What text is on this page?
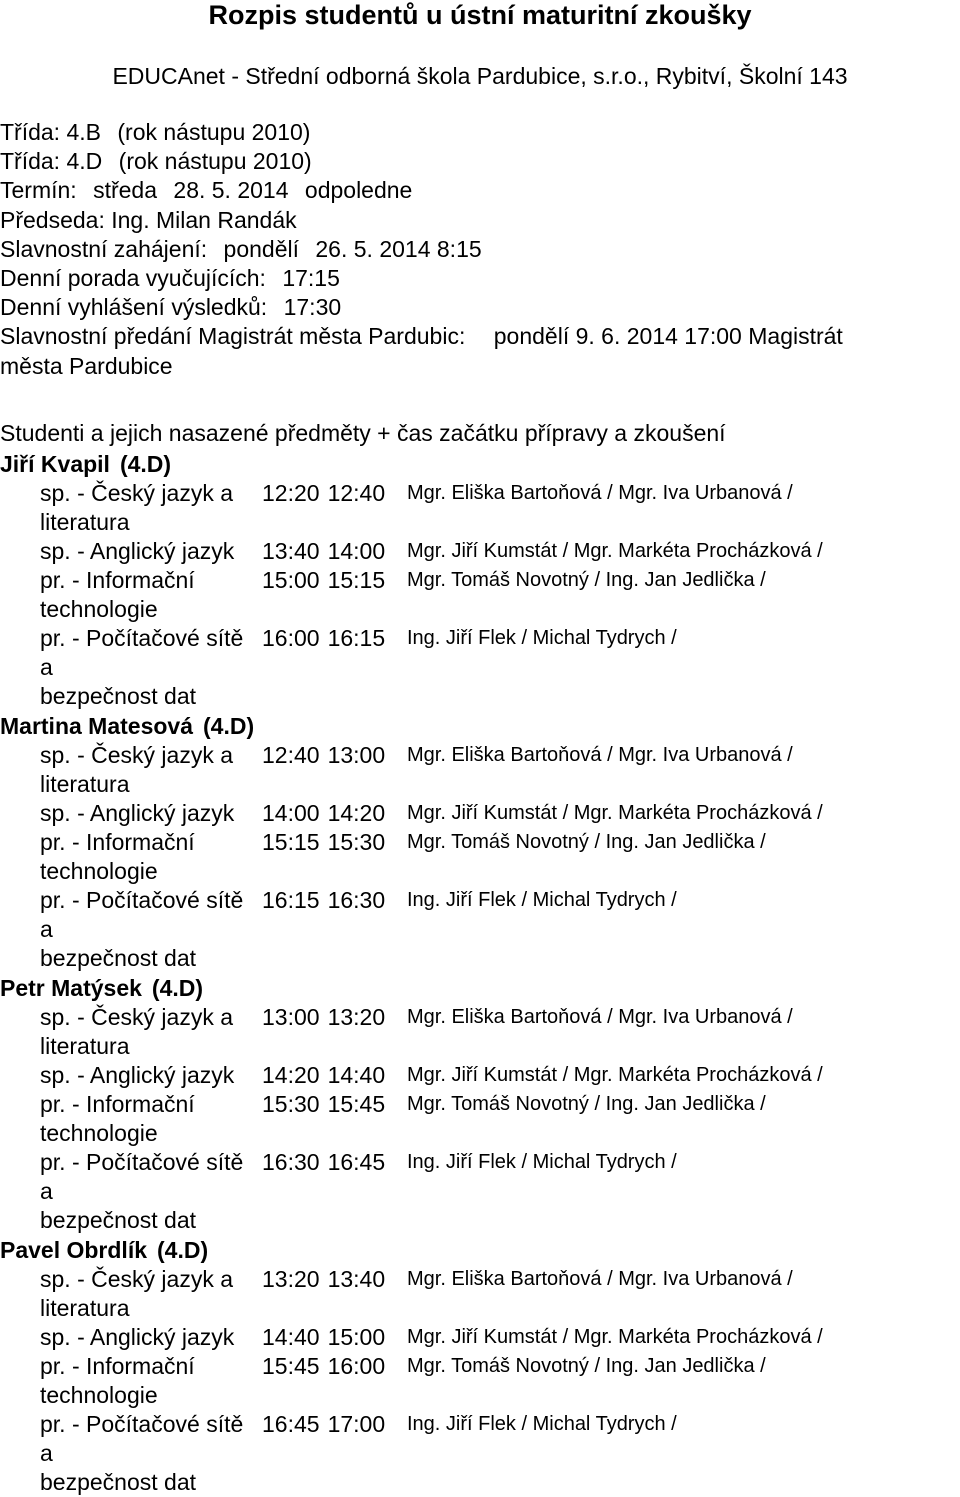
Rozpis studentů u ústní maturitní zkoušky
EDUCAnet - Střední odborná škola Pardubice, s.r.o., Rybitví, Školní 143
Třída: 4.B (rok nástupu 2010)
Třída: 4.D (rok nástupu 2010)
Termín: středa 28. 5. 2014 odpoledne
Předseda: Ing. Milan Randák
Slavnostní zahájení: pondělí 26. 5. 2014 8:15
Denní porada vyučujících: 17:15
Denní vyhlášení výsledků: 17:30
Slavnostní předání Magistrát města Pardubic: pondělí 9. 6. 2014 17:00 Magistrát
města Pardubice
Studenti a jejich nasazené předměty + čas začátku přípravy a zkoušení
Jiří Kvapil (4.D)
sp. - Český jazyk a
literatura
12:20 12:40	Mgr. Eliška Bartoňová / Mgr. Iva Urbanová /
sp. - Anglický jazyk	13:40 14:00	Mgr. Jiří Kumstát / Mgr. Markéta Procházková /
pr. - Informační
technologie
15:00 15:15	Mgr. Tomáš Novotný / Ing. Jan Jedlička /
pr. - Počítačové sítě a
bezpečnost dat
16:00 16:15	Ing. Jiří Flek / Michal Tydrych /
Martina Matesová (4.D)
sp. - Český jazyk a
literatura
12:40 13:00	Mgr. Eliška Bartoňová / Mgr. Iva Urbanová /
sp. - Anglický jazyk	14:00 14:20	Mgr. Jiří Kumstát / Mgr. Markéta Procházková /
pr. - Informační
technologie
15:15 15:30	Mgr. Tomáš Novotný / Ing. Jan Jedlička /
pr. - Počítačové sítě a
bezpečnost dat
16:15 16:30	Ing. Jiří Flek / Michal Tydrych /
Petr Matýsek (4.D)
sp. - Český jazyk a
literatura
13:00 13:20	Mgr. Eliška Bartoňová / Mgr. Iva Urbanová /
sp. - Anglický jazyk	14:20 14:40	Mgr. Jiří Kumstát / Mgr. Markéta Procházková /
pr. - Informační
technologie
15:30 15:45	Mgr. Tomáš Novotný / Ing. Jan Jedlička /
pr. - Počítačové sítě a
bezpečnost dat
16:30 16:45	Ing. Jiří Flek / Michal Tydrych /
Pavel Obrdlík (4.D)
sp. - Český jazyk a
literatura
13:20 13:40	Mgr. Eliška Bartoňová / Mgr. Iva Urbanová /
sp. - Anglický jazyk	14:40 15:00	Mgr. Jiří Kumstát / Mgr. Markéta Procházková /
pr. - Informační
technologie
15:45 16:00	Mgr. Tomáš Novotný / Ing. Jan Jedlička /
pr. - Počítačové sítě a
bezpečnost dat
16:45 17:00	Ing. Jiří Flek / Michal Tydrych /
